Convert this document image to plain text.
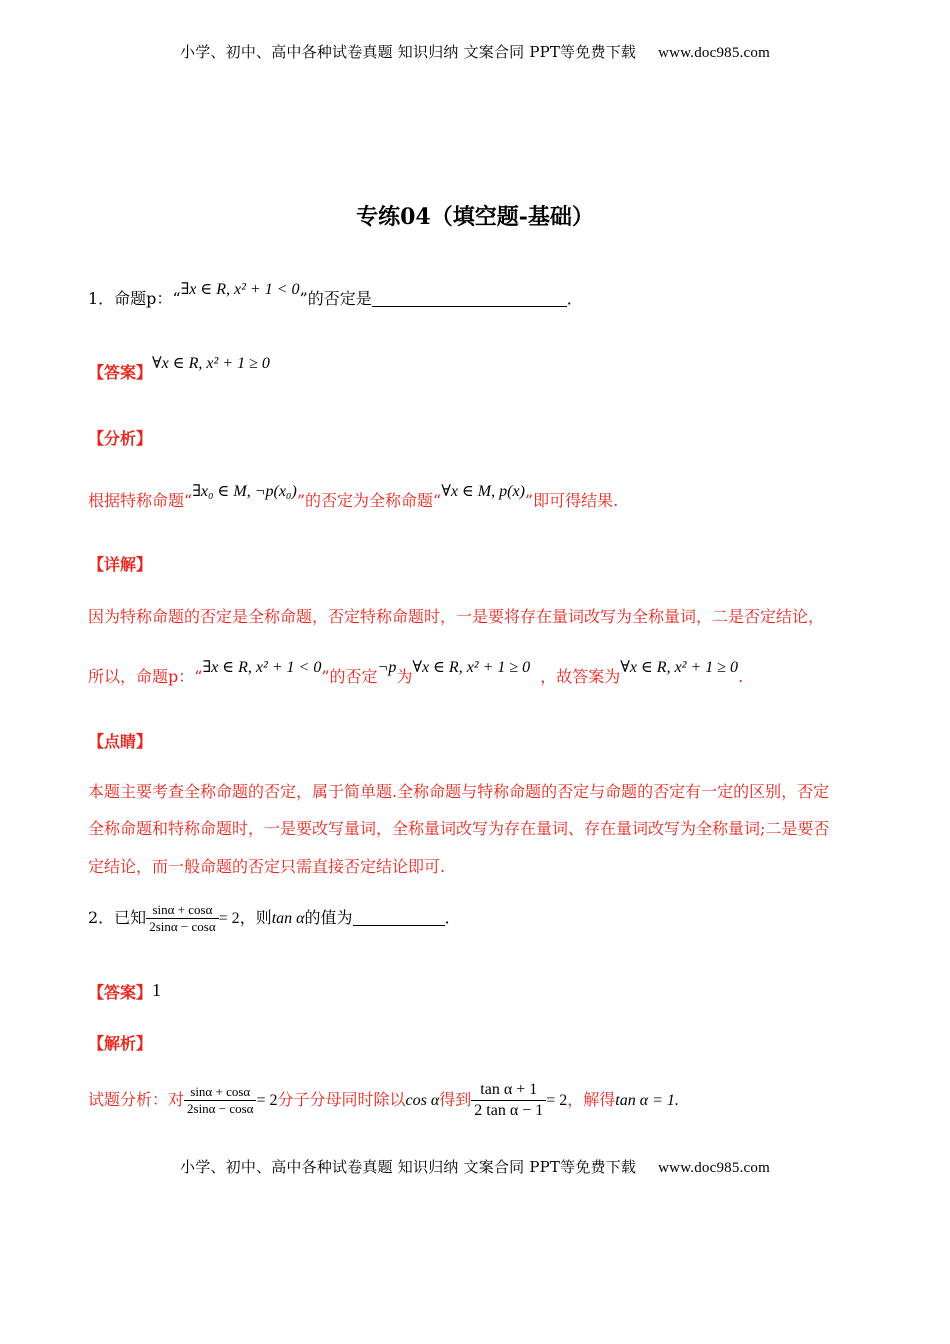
小学、初中、高中各种试卷真题 知识归纳 文案合同 PPT等免费下载 www.doc985.com
专练04（填空题-基础）
1．命题p：“∃x ∈ R, x² + 1 < 0”的否定是	．
【答案】∀x ∈ R, x² + 1 ≥ 0
【分析】
根据特称命题“∃x₀ ∈ M, ¬p(x₀)”的否定为全称命题“∀x ∈ M, p(x)”即可得结果.
【详解】
因为特称命题的否定是全称命题，否定特称命题时，一是要将存在量词改写为全称量词，二是否定结论，
所以，命题p：“∃x ∈ R, x² + 1 < 0”的否定¬p为∀x ∈ R, x² + 1 ≥ 0 ，故答案为∀x ∈ R, x² + 1 ≥ 0.
【点睛】
本题主要考查全称命题的否定，属于简单题.全称命题与特称命题的否定与命题的否定有一定的区别，否定
全称命题和特称命题时，一是要改写量词，全称量词改写为存在量词、存在量词改写为全称量词;二是要否
定结论，而一般命题的否定只需直接否定结论即可.
2．已知 $\frac{\sin\alpha + \cos\alpha}{2\sin\alpha - \cos\alpha} = 2$，则tan α的值为	．
【答案】1
【解析】
试题分析：对 $\frac{\sin\alpha + \cos\alpha}{2\sin\alpha - \cos\alpha} = 2$分子分母同时除以cos α得到 $\frac{\text{tan α + 1}}{\text{2 tan α − 1}} = 2$，解得tan α = 1.
小学、初中、高中各种试卷真题 知识归纳 文案合同 PPT等免费下载 www.doc985.com
